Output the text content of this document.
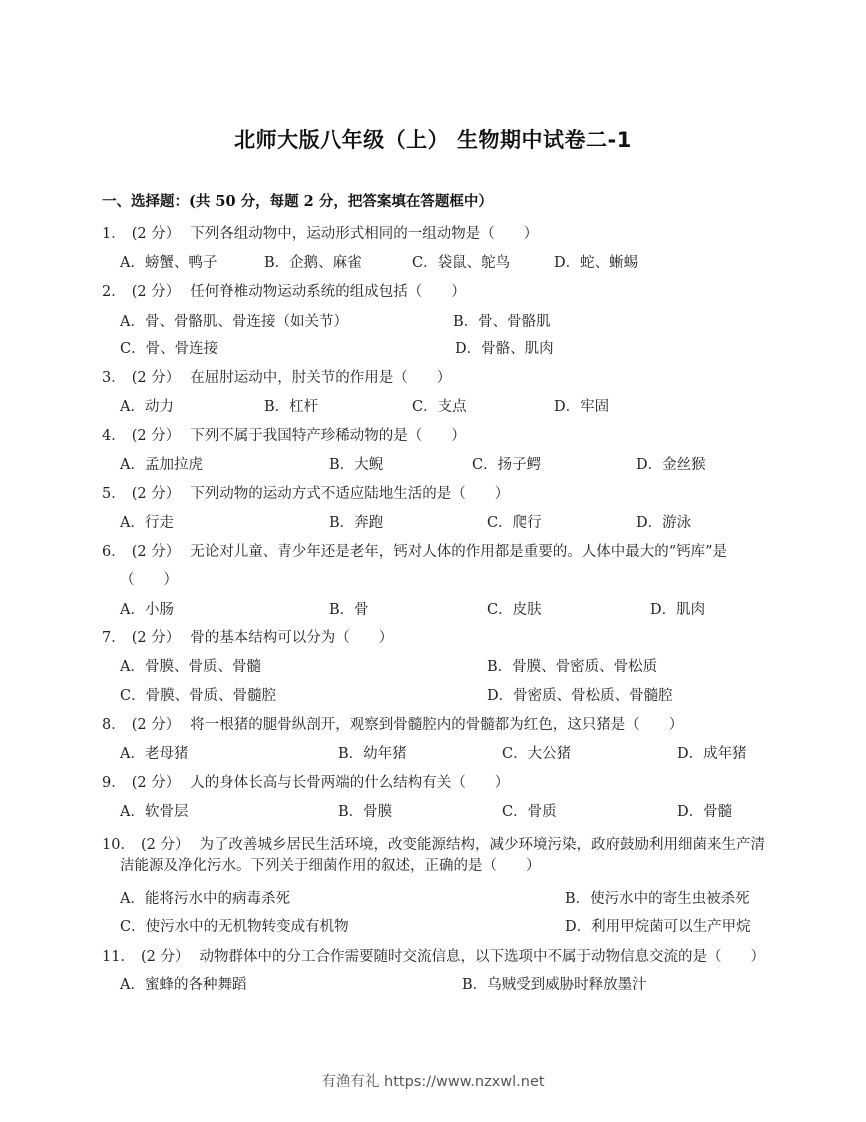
北师大版八年级（上） 生物期中试卷二-1
一、选择题：(共 50 分，每题 2 分，把答案填在答题框中）
1． (2 分） 下列各组动物中，运动形式相同的一组动物是（　　）
A．螃蟹、鸭子	B．企鹅、麻雀	C．袋鼠、鸵鸟	D．蛇、蜥蜴
2． (2 分） 任何脊椎动物运动系统的组成包括（　　）
A．骨、骨骼肌、骨连接（如关节）	B．骨、骨骼肌
C．骨、骨连接	D．骨骼、肌肉
3． (2 分） 在屈肘运动中，肘关节的作用是（　　）
A．动力	B．杠杆	C．支点	D．牢固
4． (2 分） 下列不属于我国特产珍稀动物的是（　　）
A．孟加拉虎	B．大鲵	C．扬子鳄	D．金丝猴
5． (2 分） 下列动物的运动方式不适应陆地生活的是（　　）
A．行走	B．奔跑	C．爬行	D．游泳
6． (2 分） 无论对儿童、青少年还是老年，钙对人体的作用都是重要的。人体中最大的“钙库”是
（　　）
A．小肠	B．骨	C．皮肤	D．肌肉
7． (2 分） 骨的基本结构可以分为（　　）
A．骨膜、骨质、骨髓	B．骨膜、骨密质、骨松质
C．骨膜、骨质、骨髓腔	D．骨密质、骨松质、骨髓腔
8． (2 分） 将一根猪的腿骨纵剖开，观察到骨髓腔内的骨髓都为红色，这只猪是（　　）
A．老母猪	B．幼年猪	C．大公猪	D．成年猪
9． (2 分） 人的身体长高与长骨两端的什么结构有关（　　）
A．软骨层	B．骨膜	C．骨质	D．骨髓
10． (2 分） 为了改善城乡居民生活环境，改变能源结构，减少环境污染，政府鼓励利用细菌来生产清
洁能源及净化污水。下列关于细菌作用的叙述，正确的是（　　）
A．能将污水中的病毒杀死	B．使污水中的寄生虫被杀死
C．使污水中的无机物转变成有机物	D．利用甲烷菌可以生产甲烷
11． (2 分） 动物群体中的分工合作需要随时交流信息，以下选项中不属于动物信息交流的是（　　）
A．蜜蜂的各种舞蹈	B．乌贼受到威胁时释放墨汁
有渔有礼 https://www.nzxwl.net
